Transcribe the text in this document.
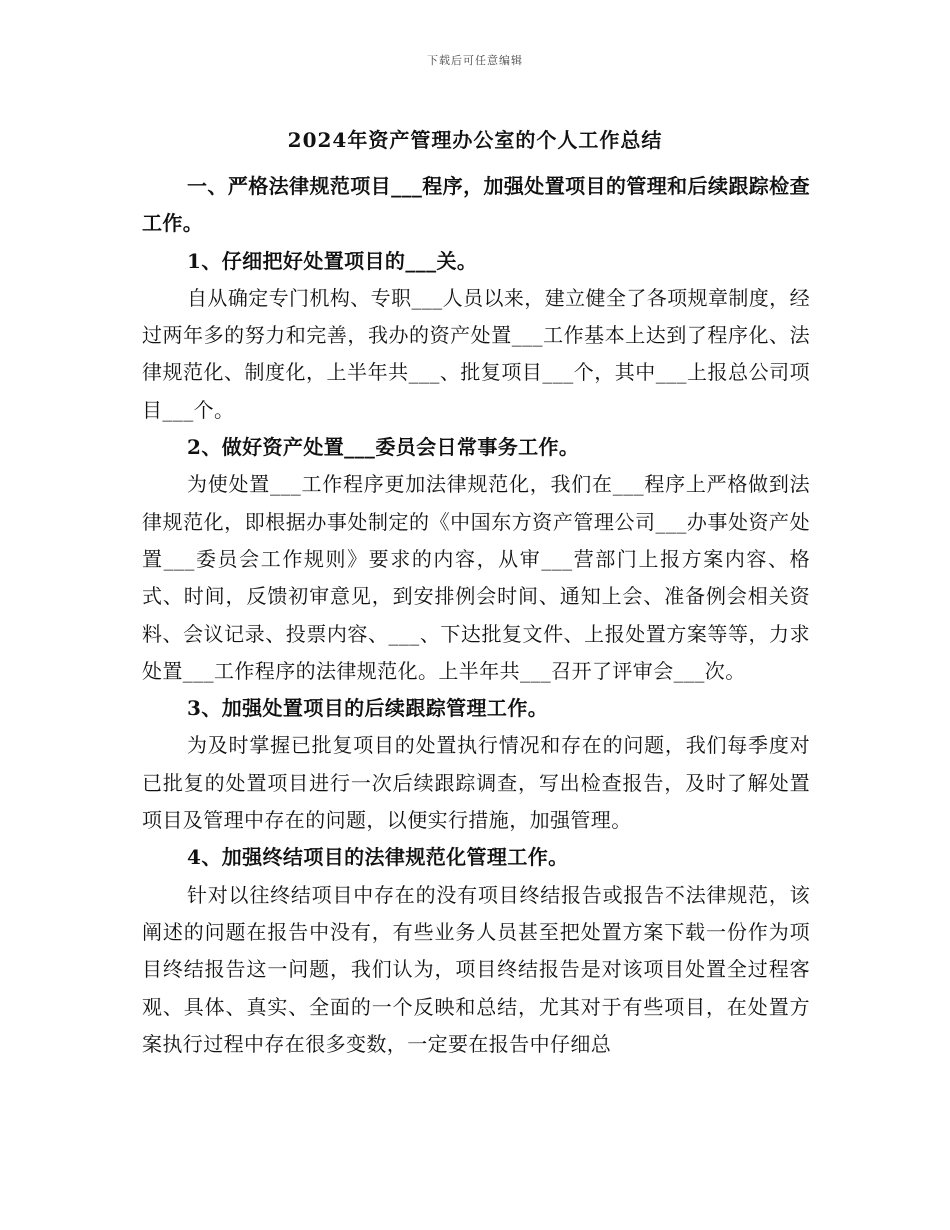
下载后可任意编辑
2024年资产管理办公室的个人工作总结

一、严格法律规范项目___程序，加强处置项目的管理和后续跟踪检查工作。

1、仔细把好处置项目的___关。

自从确定专门机构、专职___人员以来，建立健全了各项规章制度，经过两年多的努力和完善，我办的资产处置___工作基本上达到了程序化、法律规范化、制度化，上半年共___、批复项目___个，其中___上报总公司项目___个。

2、做好资产处置___委员会日常事务工作。

为使处置___工作程序更加法律规范化，我们在___程序上严格做到法律规范化，即根据办事处制定的《中国东方资产管理公司___办事处资产处置___委员会工作规则》要求的内容，从审___营部门上报方案内容、格式、时间，反馈初审意见，到安排例会时间、通知上会、准备例会相关资料、会议记录、投票内容、___、下达批复文件、上报处置方案等等，力求处置___工作程序的法律规范化。上半年共___召开了评审会___次。

3、加强处置项目的后续跟踪管理工作。

为及时掌握已批复项目的处置执行情况和存在的问题，我们每季度对已批复的处置项目进行一次后续跟踪调查，写出检查报告，及时了解处置项目及管理中存在的问题，以便实行措施，加强管理。

4、加强终结项目的法律规范化管理工作。

针对以往终结项目中存在的没有项目终结报告或报告不法律规范，该阐述的问题在报告中没有，有些业务人员甚至把处置方案下载一份作为项目终结报告这一问题，我们认为，项目终结报告是对该项目处置全过程客观、具体、真实、全面的一个反映和总结，尤其对于有些项目，在处置方案执行过程中存在很多变数，一定要在报告中仔细总
